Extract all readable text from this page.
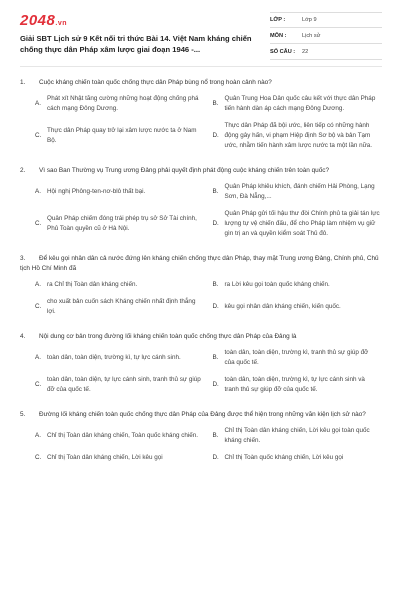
2048.vn
Giải SBT Lịch sử 9 Kết nối tri thức Bài 14. Việt Nam kháng chiến chống thực dân Pháp xâm lược giai đoạn 1946 -...
LỚP :	Lớp 9
MÔN :	Lịch sử
SỐ CÂU :	22
1. Cuộc kháng chiến toàn quốc chống thực dân Pháp bùng nổ trong hoàn cảnh nào?
A.
Phát xít Nhật tăng cường những hoạt động chống phá cách mạng Đông Dương.
B.
Quân Trung Hoa Dân quốc câu kết với thực dân Pháp tiến hành dàn áp cách mạng Đông Dương.
C.
Thực dân Pháp quay trở lại xâm lược nước ta ở Nam Bộ.
D.
Thực dân Pháp đã bội ước, liên tiếp có những hành động gây hấn, vi phạm Hiệp định Sơ bộ và bản Tạm ước, nhằm tiến hành xâm lược nước ta một lần nữa.
2. Vì sao Ban Thường vụ Trung ương Đảng phải quyết định phát động cuộc kháng chiến trên toàn quốc?
A. Hội nghị Phông-ten-nơ-blô thất bại.	B.
Quân Pháp khiêu khích, đánh chiếm Hải Phòng, Lạng Sơn, Đà Nẵng,...
C.
Quân Pháp chiếm đóng trái phép trụ sở Sở Tài chính, Phủ Toàn quyền cũ ở Hà Nội.
D.
Quân Pháp gửi tối hậu thư đòi Chính phủ ta giải tán lực lượng tự vệ chiến đấu, để cho Pháp làm nhiệm vụ giữ gìn trị an và quyền kiểm soát Thủ đô.
3. Để kêu gọi nhân dân cả nước đứng lên kháng chiến chống thực dân Pháp, thay mặt Trung ương Đảng, Chính phủ, Chủ tịch Hồ Chí Minh đã
A. ra Chỉ thị Toàn dân kháng chiến.	B. ra Lời kêu gọi toàn quốc kháng chiến.
C.
cho xuất bản cuốn sách Kháng chiến nhất định thắng lợi.
D. kêu gọi nhân dân kháng chiến, kiến quốc.
4. Nội dung cơ bản trong đường lối kháng chiến toàn quốc chống thực dân Pháp của Đảng là
A. toàn dân, toàn diện, trường kì, tự lực cánh sinh.	B.
toàn dân, toàn diện, trường kì, tranh thủ sự giúp đỡ của quốc tế.
C.
toàn dân, toàn diện, tự lực cánh sinh, tranh thủ sự giúp đỡ của quốc tế.
D.
toàn dân, toàn diện, trường kì, tự lực cánh sinh và tranh thủ sự giúp đỡ của quốc tế.
5. Đường lối kháng chiến toàn quốc chống thực dân Pháp của Đảng được thể hiện trong những văn kiện lịch sử nào?
A. Chỉ thị Toàn dân kháng chiến, Toàn quốc kháng chiến.	B.
Chỉ thị Toàn dân kháng chiến, Lời kêu gọi toàn quốc kháng chiến.
C. Chỉ thị Toàn dân kháng chiến, Lời kêu gọi	D. Chỉ thị Toàn quốc kháng chiến, Lời kêu gọi
